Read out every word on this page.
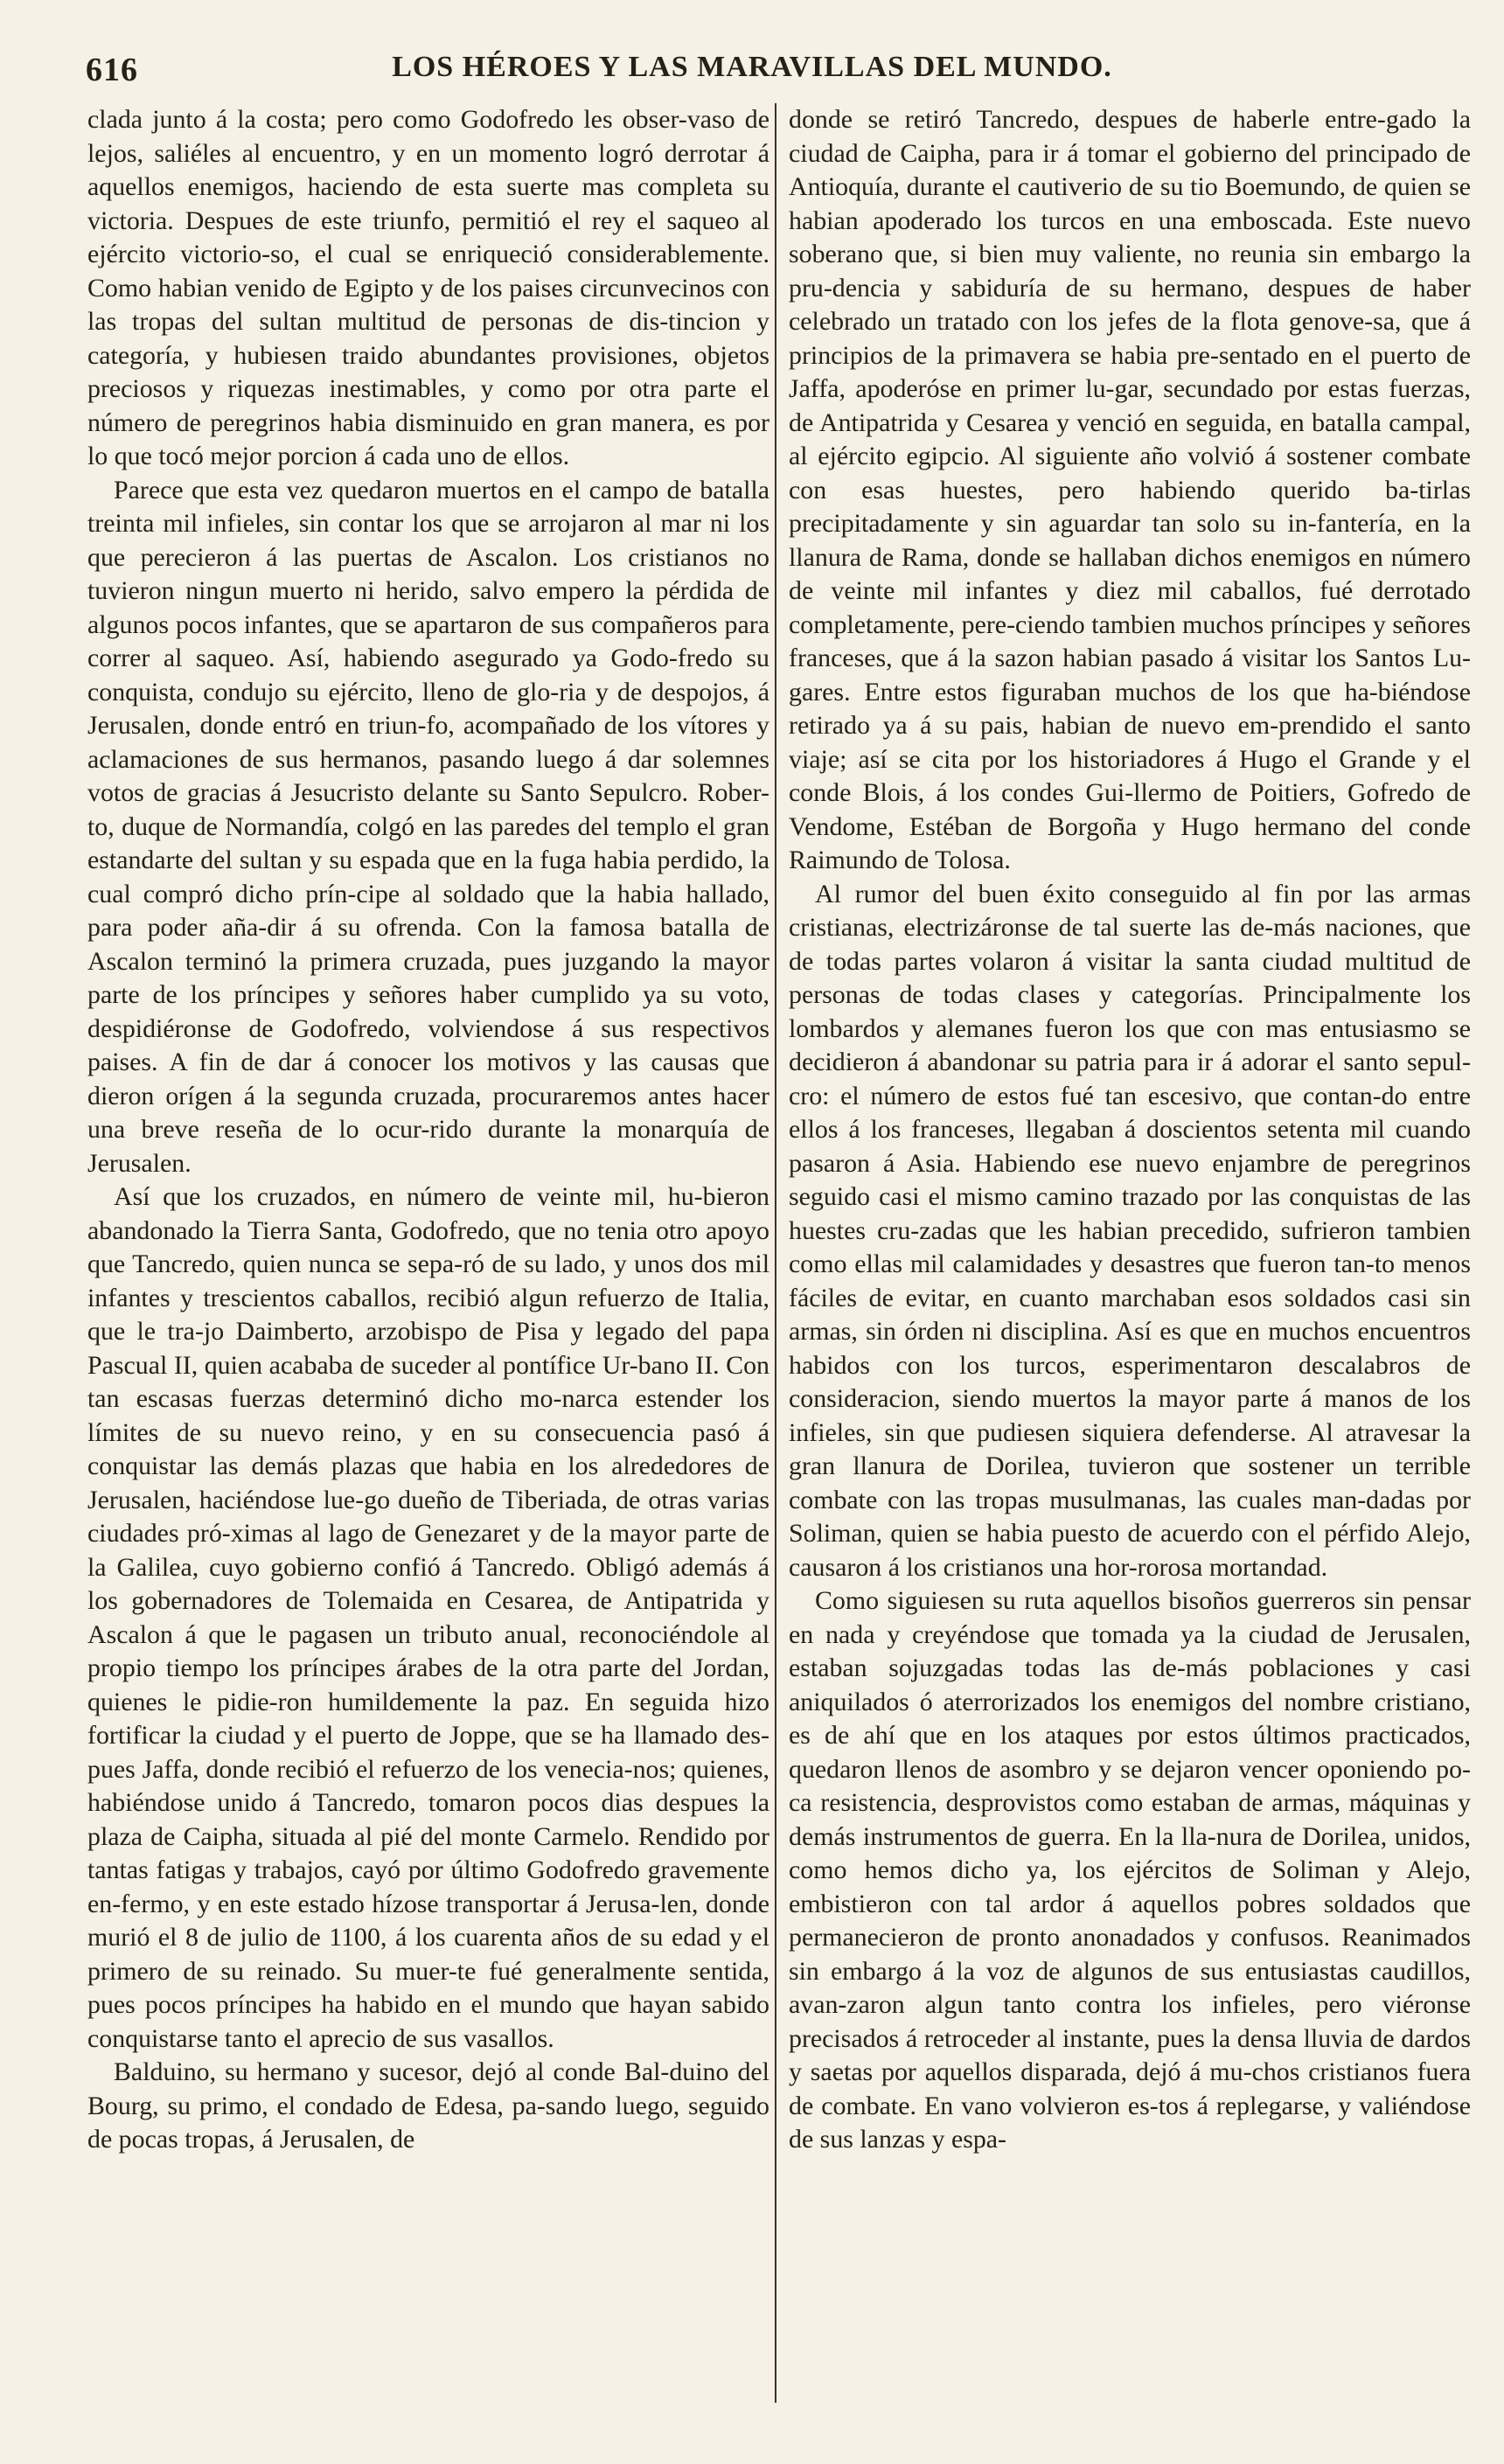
616	LOS HÉROES Y LAS MARAVILLAS DEL MUNDO.

clada junto á la costa; pero como Godofredo les obser-vaso de lejos, saliéles al encuentro, y en un momento logró derrotar á aquellos enemigos, haciendo de esta suerte mas completa su victoria. Despues de este triunfo, permitió el rey el saqueo al ejército victorio-so, el cual se enriqueció considerablemente. Como habian venido de Egipto y de los paises circunvecinos con las tropas del sultan multitud de personas de dis-tincion y categoría, y hubiesen traido abundantes provisiones, objetos preciosos y riquezas inestimables, y como por otra parte el número de peregrinos habia disminuido en gran manera, es por lo que tocó mejor porcion á cada uno de ellos.

Parece que esta vez quedaron muertos en el campo de batalla treinta mil infieles, sin contar los que se arrojaron al mar ni los que perecieron á las puertas de Ascalon. Los cristianos no tuvieron ningun muerto ni herido, salvo empero la pérdida de algunos pocos infantes, que se apartaron de sus compañeros para correr al saqueo. Así, habiendo asegurado ya Godo-fredo su conquista, condujo su ejército, lleno de glo-ria y de despojos, á Jerusalen, donde entró en triun-fo, acompañado de los vítores y aclamaciones de sus hermanos, pasando luego á dar solemnes votos de gracias á Jesucristo delante su Santo Sepulcro. Rober-to, duque de Normandía, colgó en las paredes del templo el gran estandarte del sultan y su espada que en la fuga habia perdido, la cual compró dicho prín-cipe al soldado que la habia hallado, para poder aña-dir á su ofrenda. Con la famosa batalla de Ascalon terminó la primera cruzada, pues juzgando la mayor parte de los príncipes y señores haber cumplido ya su voto, despidiéronse de Godofredo, volviendose á sus respectivos paises. A fin de dar á conocer los motivos y las causas que dieron orígen á la segunda cruzada, procuraremos antes hacer una breve reseña de lo ocur-rido durante la monarquía de Jerusalen.

Así que los cruzados, en número de veinte mil, hu-bieron abandonado la Tierra Santa, Godofredo, que no tenia otro apoyo que Tancredo, quien nunca se sepa-ró de su lado, y unos dos mil infantes y trescientos caballos, recibió algun refuerzo de Italia, que le tra-jo Daimberto, arzobispo de Pisa y legado del papa Pascual II, quien acababa de suceder al pontífice Ur-bano II. Con tan escasas fuerzas determinó dicho mo-narca estender los límites de su nuevo reino, y en su consecuencia pasó á conquistar las demás plazas que habia en los alrededores de Jerusalen, haciéndose lue-go dueño de Tiberiada, de otras varias ciudades pró-ximas al lago de Genezaret y de la mayor parte de la Galilea, cuyo gobierno confió á Tancredo. Obligó además á los gobernadores de Tolemaida en Cesarea, de Antipatrida y Ascalon á que le pagasen un tributo anual, reconociéndole al propio tiempo los príncipes árabes de la otra parte del Jordan, quienes le pidie-ron humildemente la paz. En seguida hizo fortificar la ciudad y el puerto de Joppe, que se ha llamado des-pues Jaffa, donde recibió el refuerzo de los venecia-nos; quienes, habiéndose unido á Tancredo, tomaron pocos dias despues la plaza de Caipha, situada al pié del monte Carmelo. Rendido por tantas fatigas y trabajos, cayó por último Godofredo gravemente en-fermo, y en este estado hízose transportar á Jerusa-len, donde murió el 8 de julio de 1100, á los cuarenta años de su edad y el primero de su reinado. Su muer-te fué generalmente sentida, pues pocos príncipes ha habido en el mundo que hayan sabido conquistarse tanto el aprecio de sus vasallos.

Balduino, su hermano y sucesor, dejó al conde Bal-duino del Bourg, su primo, el condado de Edesa, pa-sando luego, seguido de pocas tropas, á Jerusalen, de

donde se retiró Tancredo, despues de haberle entre-gado la ciudad de Caipha, para ir á tomar el gobierno del principado de Antioquía, durante el cautiverio de su tio Boemundo, de quien se habian apoderado los turcos en una emboscada. Este nuevo soberano que, si bien muy valiente, no reunia sin embargo la pru-dencia y sabiduría de su hermano, despues de haber celebrado un tratado con los jefes de la flota genove-sa, que á principios de la primavera se habia pre-sentado en el puerto de Jaffa, apoderóse en primer lu-gar, secundado por estas fuerzas, de Antipatrida y Cesarea y venció en seguida, en batalla campal, al ejército egipcio. Al siguiente año volvió á sostener combate con esas huestes, pero habiendo querido ba-tirlas precipitadamente y sin aguardar tan solo su in-fantería, en la llanura de Rama, donde se hallaban dichos enemigos en número de veinte mil infantes y diez mil caballos, fué derrotado completamente, pere-ciendo tambien muchos príncipes y señores franceses, que á la sazon habian pasado á visitar los Santos Lu-gares. Entre estos figuraban muchos de los que ha-biéndose retirado ya á su pais, habian de nuevo em-prendido el santo viaje; así se cita por los historiadores á Hugo el Grande y el conde Blois, á los condes Gui-llermo de Poitiers, Gofredo de Vendome, Estéban de Borgoña y Hugo hermano del conde Raimundo de Tolosa.

Al rumor del buen éxito conseguido al fin por las armas cristianas, electrizáronse de tal suerte las de-más naciones, que de todas partes volaron á visitar la santa ciudad multitud de personas de todas clases y categorías. Principalmente los lombardos y alemanes fueron los que con mas entusiasmo se decidieron á abandonar su patria para ir á adorar el santo sepul-cro: el número de estos fué tan escesivo, que contan-do entre ellos á los franceses, llegaban á doscientos setenta mil cuando pasaron á Asia. Habiendo ese nuevo enjambre de peregrinos seguido casi el mismo camino trazado por las conquistas de las huestes cru-zadas que les habian precedido, sufrieron tambien como ellas mil calamidades y desastres que fueron tan-to menos fáciles de evitar, en cuanto marchaban esos soldados casi sin armas, sin órden ni disciplina. Así es que en muchos encuentros habidos con los turcos, esperimentaron descalabros de consideracion, siendo muertos la mayor parte á manos de los infieles, sin que pudiesen siquiera defenderse. Al atravesar la gran llanura de Dorilea, tuvieron que sostener un terrible combate con las tropas musulmanas, las cuales man-dadas por Soliman, quien se habia puesto de acuerdo con el pérfido Alejo, causaron á los cristianos una hor-rorosa mortandad.

Como siguiesen su ruta aquellos bisoños guerreros sin pensar en nada y creyéndose que tomada ya la ciudad de Jerusalen, estaban sojuzgadas todas las de-más poblaciones y casi aniquilados ó aterrorizados los enemigos del nombre cristiano, es de ahí que en los ataques por estos últimos practicados, quedaron llenos de asombro y se dejaron vencer oponiendo po-ca resistencia, desprovistos como estaban de armas, máquinas y demás instrumentos de guerra. En la lla-nura de Dorilea, unidos, como hemos dicho ya, los ejércitos de Soliman y Alejo, embistieron con tal ardor á aquellos pobres soldados que permanecieron de pronto anonadados y confusos. Reanimados sin embargo á la voz de algunos de sus entusiastas caudillos, avan-zaron algun tanto contra los infieles, pero viéronse precisados á retroceder al instante, pues la densa lluvia de dardos y saetas por aquellos disparada, dejó á mu-chos cristianos fuera de combate. En vano volvieron es-tos á replegarse, y valiéndose de sus lanzas y espa-
